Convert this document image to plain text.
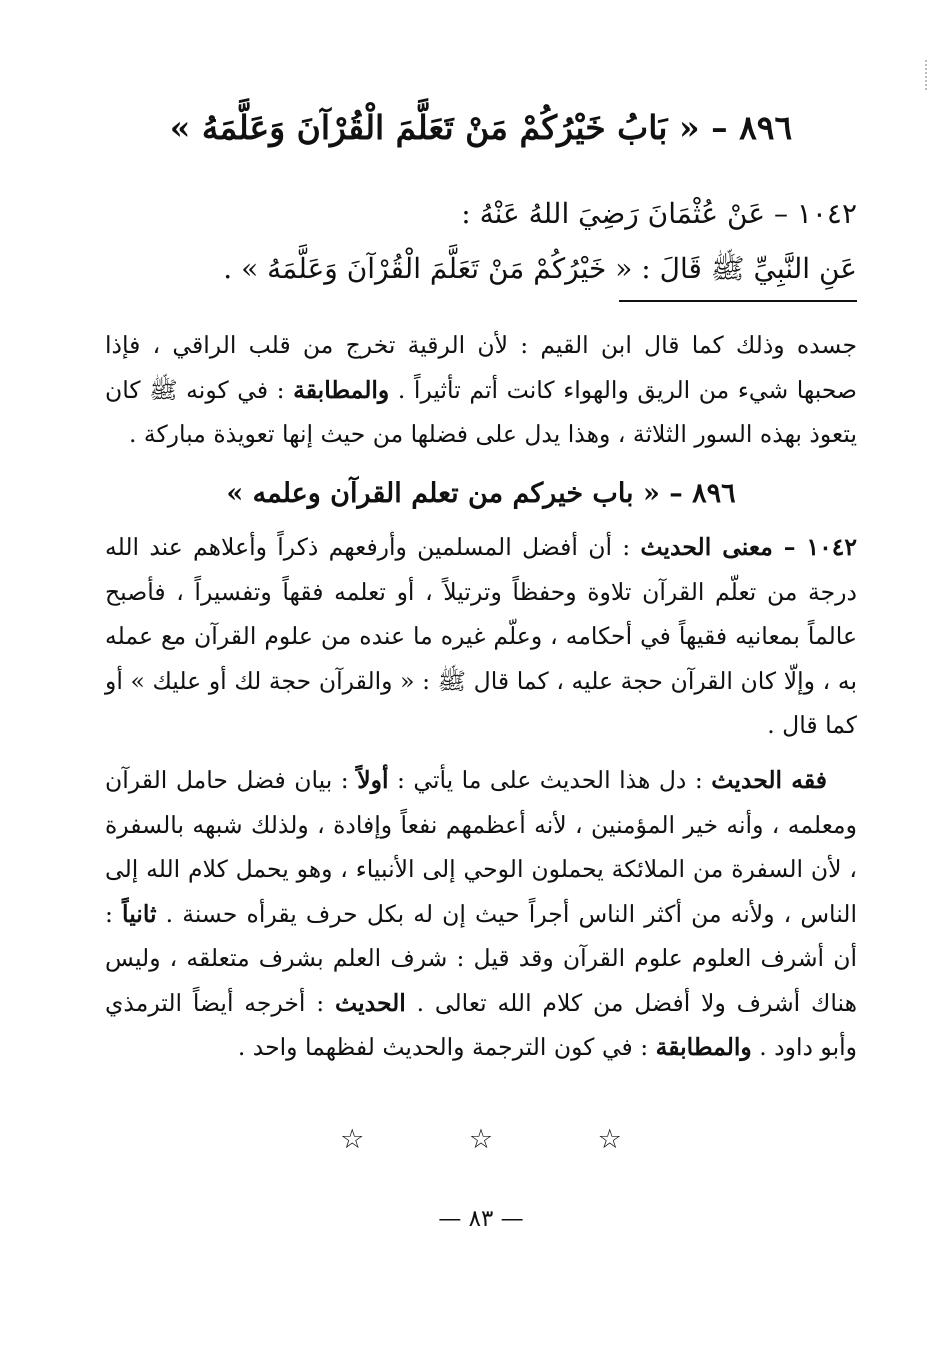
٨٩٦ – « بَابُ خَيْرُكُمْ مَنْ تَعَلَّمَ الْقُرْآنَ وَعَلَّمَهُ »
١٠٤٢ – عَنْ عُثْمَانَ رَضِيَ اللهُ عَنْهُ :
عَنِ النَّبِيِّ ﷺ قَالَ : « خَيْرُكُمْ مَنْ تَعَلَّمَ الْقُرْآنَ وَعَلَّمَهُ » .
جسده وذلك كما قال ابن القيم : لأن الرقية تخرج من قلب الراقي ، فإذا صحبها شيء من الريق والهواء كانت أتم تأثيراً . والمطابقة : في كونه ﷺ كان يتعوذ بهذه السور الثلاثة ، وهذا يدل على فضلها من حيث إنها تعويذة مباركة .
٨٩٦ – « باب خيركم من تعلم القرآن وعلمه »
١٠٤٢ – معنى الحديث : أن أفضل المسلمين وأرفعهم ذكراً وأعلاهم عند الله درجة من تعلّم القرآن تلاوة وحفظاً وترتيلاً ، أو تعلمه فقهاً وتفسيراً ، فأصبح عالماً بمعانيه فقيهاً في أحكامه ، وعلّم غيره ما عنده من علوم القرآن مع عمله به ، وإلّا كان القرآن حجة عليه ، كما قال ﷺ : « والقرآن حجة لك أو عليك » أو كما قال .
فقه الحديث : دل هذا الحديث على ما يأتي : أولاً : بيان فضل حامل القرآن ومعلمه ، وأنه خير المؤمنين ، لأنه أعظمهم نفعاً وإفادة ، ولذلك شبهه بالسفرة ، لأن السفرة من الملائكة يحملون الوحي إلى الأنبياء ، وهو يحمل كلام الله إلى الناس ، ولأنه من أكثر الناس أجراً حيث إن له بكل حرف يقرأه حسنة . ثانياً : أن أشرف العلوم علوم القرآن وقد قيل : شرف العلم بشرف متعلقه ، وليس هناك أشرف ولا أفضل من كلام الله تعالى . الحديث : أخرجه أيضاً الترمذي وأبو داود . والمطابقة : في كون الترجمة والحديث لفظهما واحد .
☆ ☆ ☆
— ٨٣ —
